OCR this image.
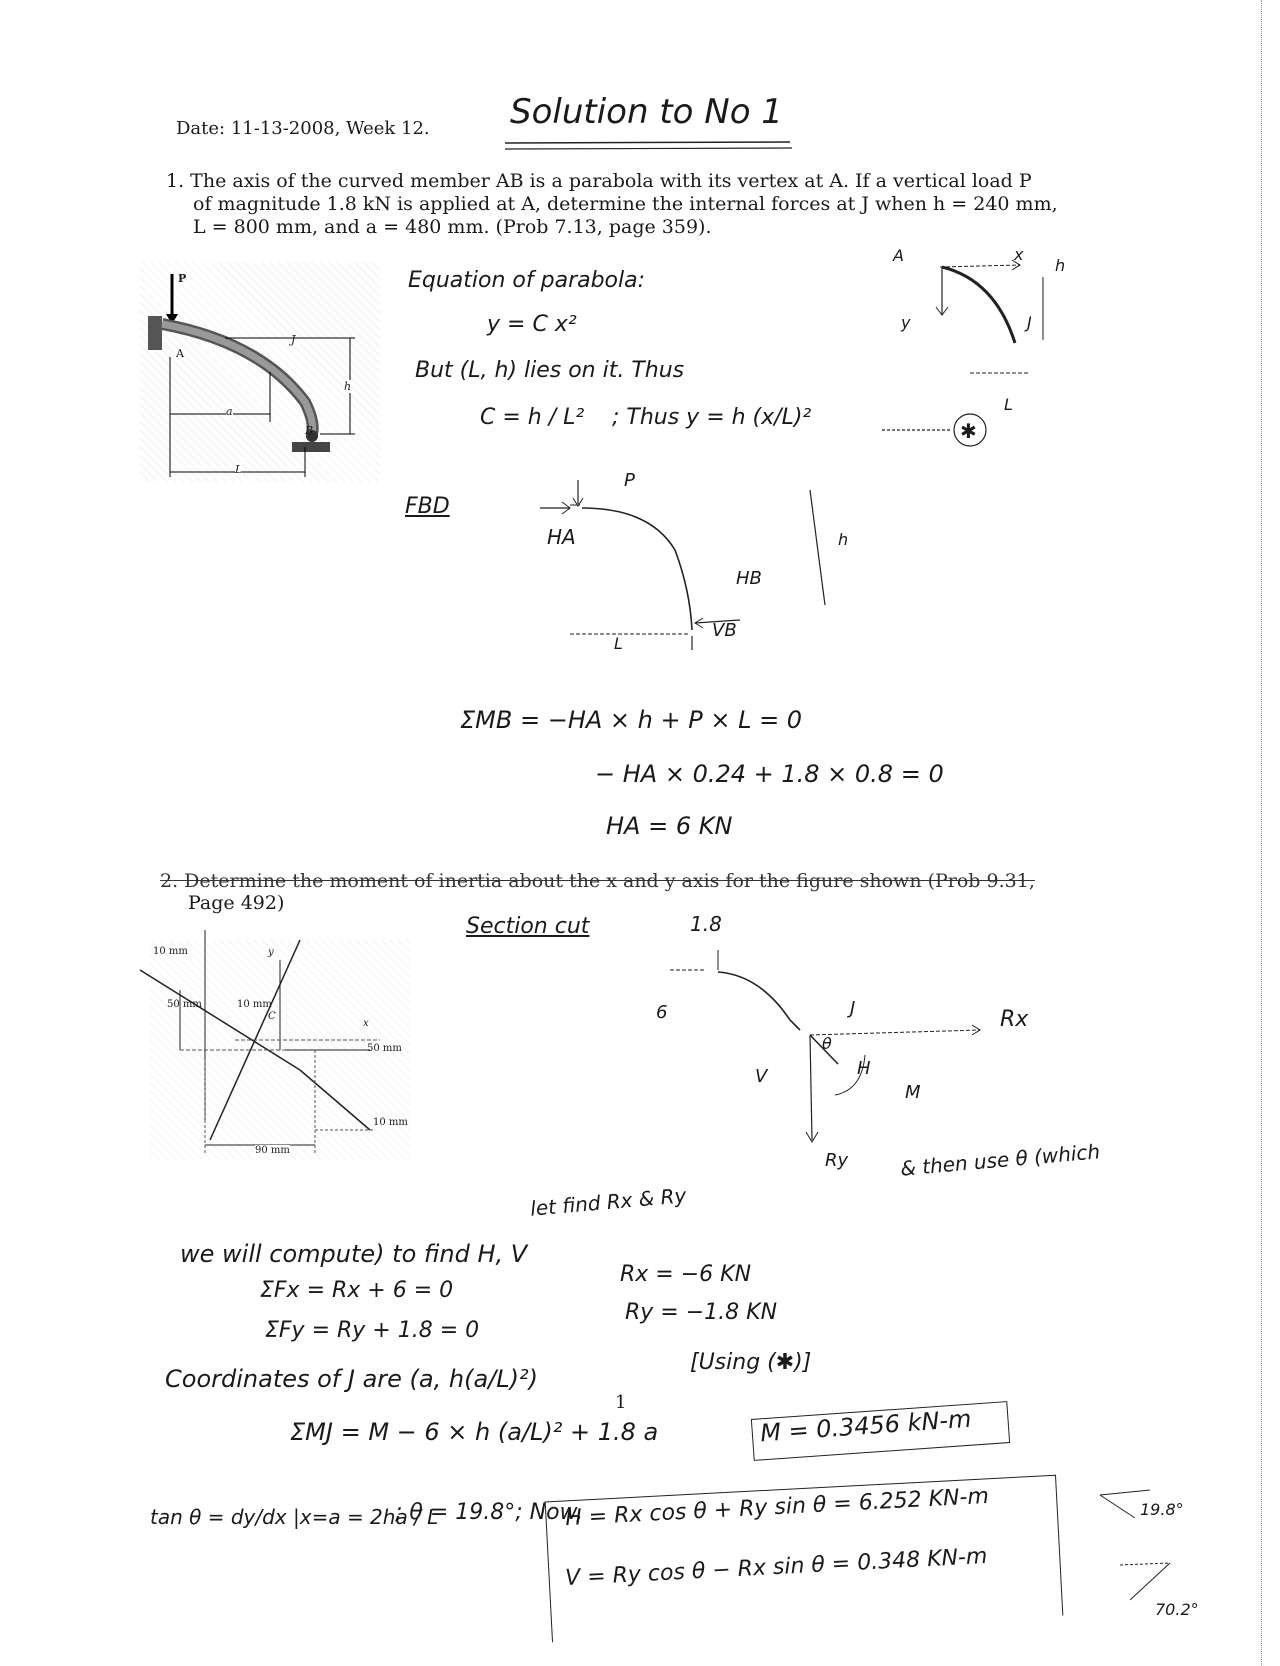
Date: 11-13-2008, Week 12. Solution to No 1
1. The axis of the curved member AB is a parabola with its vertex at A. If a vertical load P
of magnitude 1.8 kN is applied at A, determine the internal forces at J when h = 240 mm,
L = 800 mm, and a = 480 mm. (Prob 7.13, page 359).
P
A
J
B
a
L
h
Equation of parabola:
y = C x²
But (L, h) lies on it. Thus
C = h / L² ; Thus y = h (x/L)²
✱
A	x
y	J
h
L
FBD
P
HA
HB
VB
L
h
ΣMB = −HA × h + P × L = 0
− HA × 0.24 + 1.8 × 0.8 = 0
HA = 6 KN
2. Determine the moment of inertia about the x and y axis for the figure shown (Prob 9.31,
Page 492)
10 mm
50 mm	10 mm
C
y
x
50 mm
10 mm
90 mm
Section cut	1.8
6	J
θ
Rx
H
V
M
Ry	& then use θ (which
let find Rx & Ry
we will compute) to find H, V
ΣFx = Rx + 6 = 0
Rx = −6 KN
ΣFy = Ry + 1.8 = 0
Ry = −1.8 KN
Coordinates of J are (a, h(a/L)²)
[Using (✱)]
ΣMJ = M − 6 × h (a/L)² + 1.8 a
1
M = 0.3456 kN-m
tan θ = dy/dx |x=a = 2ha / L
; θ = 19.8°; Now,
H = Rx cos θ + Ry sin θ = 6.252 KN-m
V = Ry cos θ − Rx sin θ = 0.348 KN-m
19.8°
70.2°
